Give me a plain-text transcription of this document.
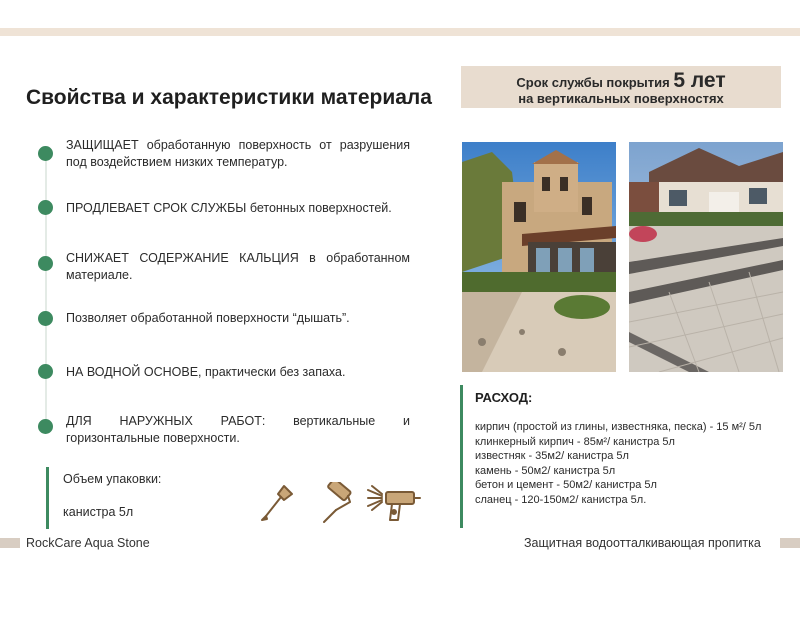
Свойства и характеристики материала
Срок службы покрытия 5 лет
на вертикальных поверхностях
ЗАЩИЩАЕТ обработанную поверхность от разрушения под воздействием низких температур.
ПРОДЛЕВАЕТ СРОК СЛУЖБЫ бетонных поверхностей.
СНИЖАЕТ СОДЕРЖАНИЕ КАЛЬЦИЯ в обработанном материале.
Позволяет обработанной поверхности “дышать”.
НА ВОДНОЙ ОСНОВЕ, практически без запаха.
ДЛЯ НАРУЖНЫХ РАБОТ: вертикальные и горизонтальные поверхности.
Объем упаковки:
канистра 5л
РАСХОД:
кирпич (простой из глины, известняка, песка) - 15 м²/ 5л
клинкерный кирпич - 85м²/ канистра 5л
известняк - 35м2/ канистра 5л
камень - 50м2/ канистра 5л
бетон и цемент - 50м2/ канистра 5л
сланец - 120-150м2/ канистра 5л.
RockCare Aqua Stone	Защитная водоотталкивающая пропитка
